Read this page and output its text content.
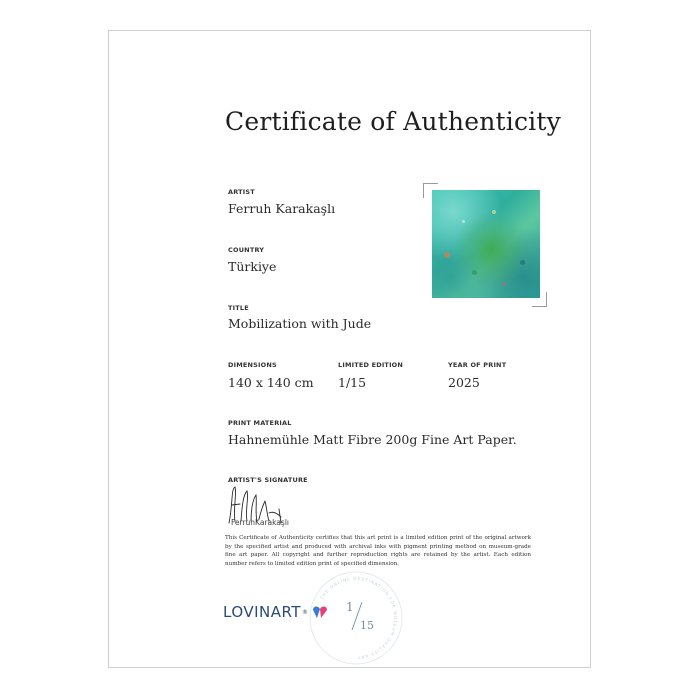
Certificate of Authenticity
ARTIST
Ferruh Karakaşlı
COUNTRY
Türkiye
TITLE
Mobilization with Jude
DIMENSIONS
140 x 140 cm
LIMITED EDITION
1/15
YEAR OF PRINT
2025
PRINT MATERIAL
Hahnemühle Matt Fibre 200g Fine Art Paper.
ARTIST'S SIGNATURE
FerruhKarakaşlı
This Certificate of Authenticity certifies that this art print is a limited edition print of the original artwork by the specified artist and produced with archival inks with pigment printing method on museum-grade fine art paper. All copyright and further reproduction rights are retained by the artist. Each edition number refers to limited edition print of specified dimension.
LOVINART ®
THE ONLINE DESTINATION FOR MUSEUM QUALITY ART
1
15
